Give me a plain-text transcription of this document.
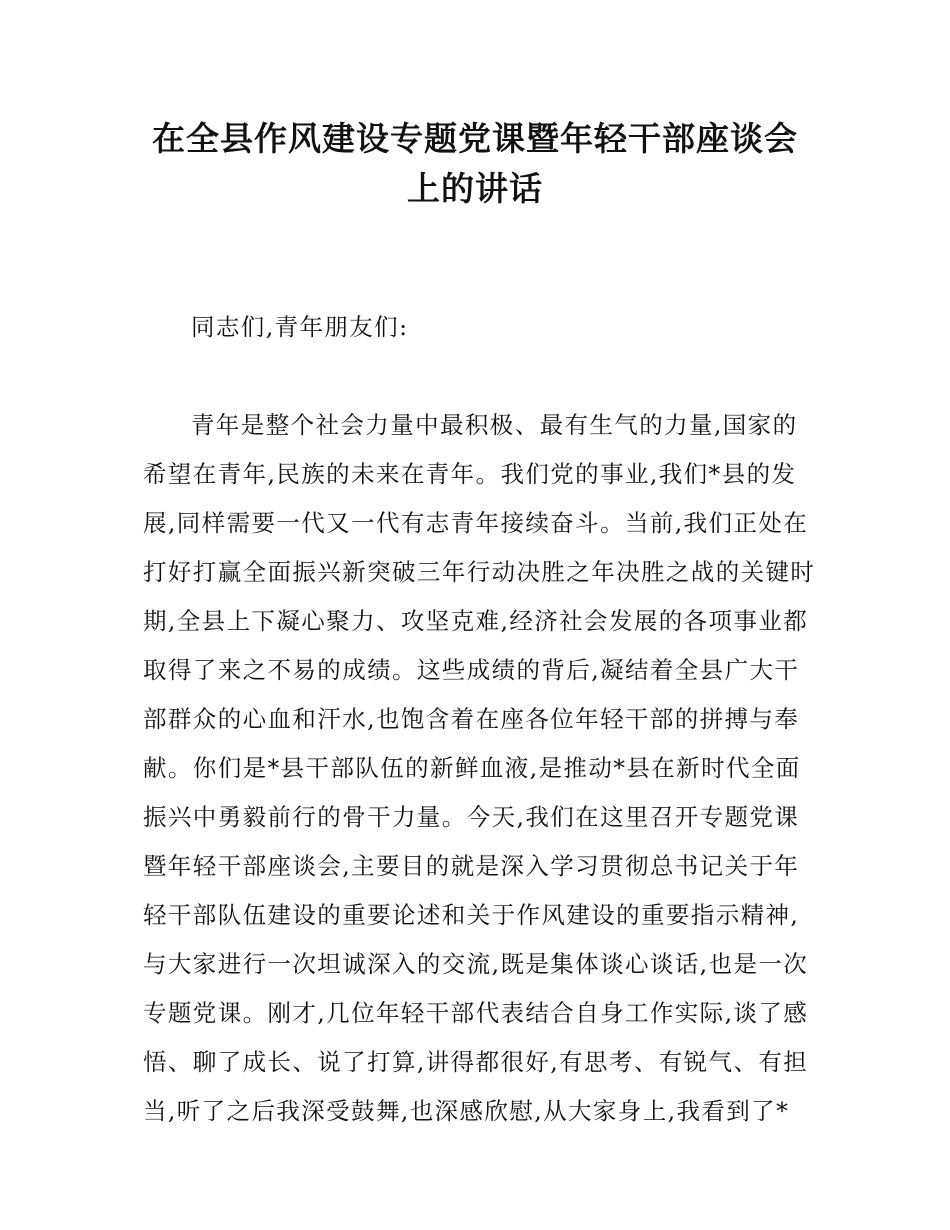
在全县作风建设专题党课暨年轻干部座谈会
上的讲话

同志们,青年朋友们:

青年是整个社会力量中最积极、最有生气的力量,国家的
希望在青年,民族的未来在青年。我们党的事业,我们*县的发
展,同样需要一代又一代有志青年接续奋斗。当前,我们正处在
打好打赢全面振兴新突破三年行动决胜之年决胜之战的关键时
期,全县上下凝心聚力、攻坚克难,经济社会发展的各项事业都
取得了来之不易的成绩。这些成绩的背后,凝结着全县广大干
部群众的心血和汗水,也饱含着在座各位年轻干部的拼搏与奉
献。你们是*县干部队伍的新鲜血液,是推动*县在新时代全面
振兴中勇毅前行的骨干力量。今天,我们在这里召开专题党课
暨年轻干部座谈会,主要目的就是深入学习贯彻总书记关于年
轻干部队伍建设的重要论述和关于作风建设的重要指示精神,
与大家进行一次坦诚深入的交流,既是集体谈心谈话,也是一次
专题党课。刚才,几位年轻干部代表结合自身工作实际,谈了感
悟、聊了成长、说了打算,讲得都很好,有思考、有锐气、有担
当,听了之后我深受鼓舞,也深感欣慰,从大家身上,我看到了*
